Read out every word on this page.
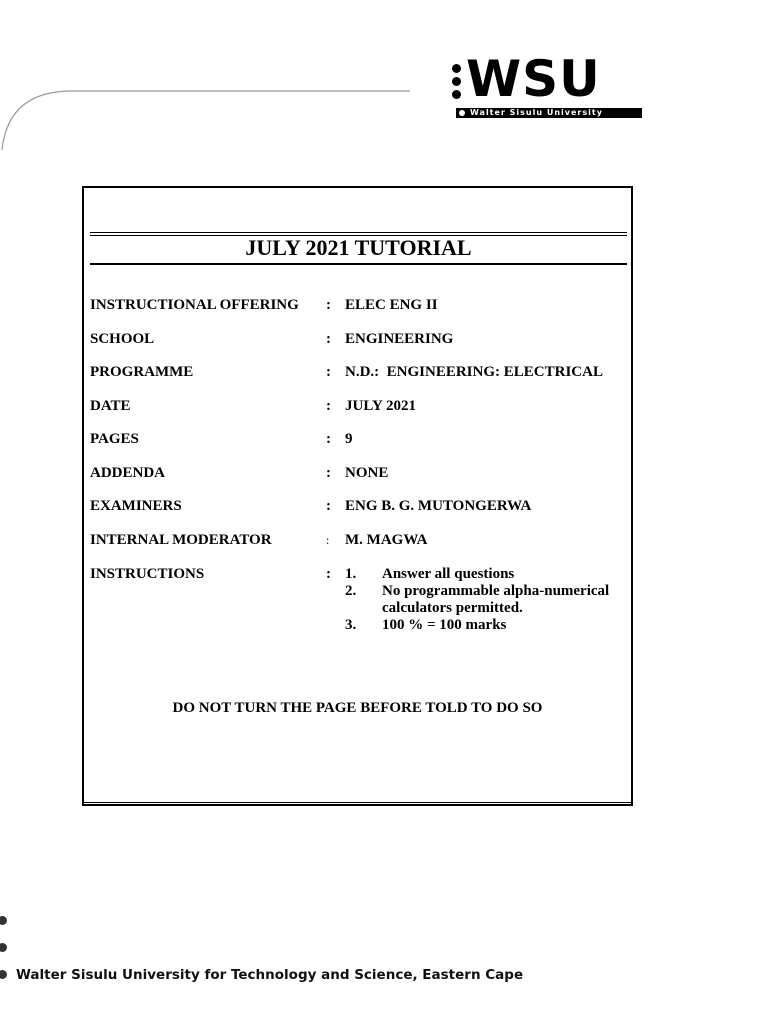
WSU
Walter Sisulu University
JULY 2021 TUTORIAL
INSTRUCTIONAL OFFERING : ELEC ENG II
SCHOOL	: ENGINEERING
PROGRAMME	: N.D.:  ENGINEERING: ELECTRICAL
DATE	: JULY 2021
PAGES	: 9
ADDENDA	: NONE
EXAMINERS	: ENG B. G. MUTONGERWA
INTERNAL MODERATOR	: M. MAGWA
INSTRUCTIONS	: 1. Answer all questions
2. No programmable alpha-numerical calculators permitted.
3. 100 % = 100 marks
DO NOT TURN THE PAGE BEFORE TOLD TO DO SO
Walter Sisulu University for Technology and Science, Eastern Cape
